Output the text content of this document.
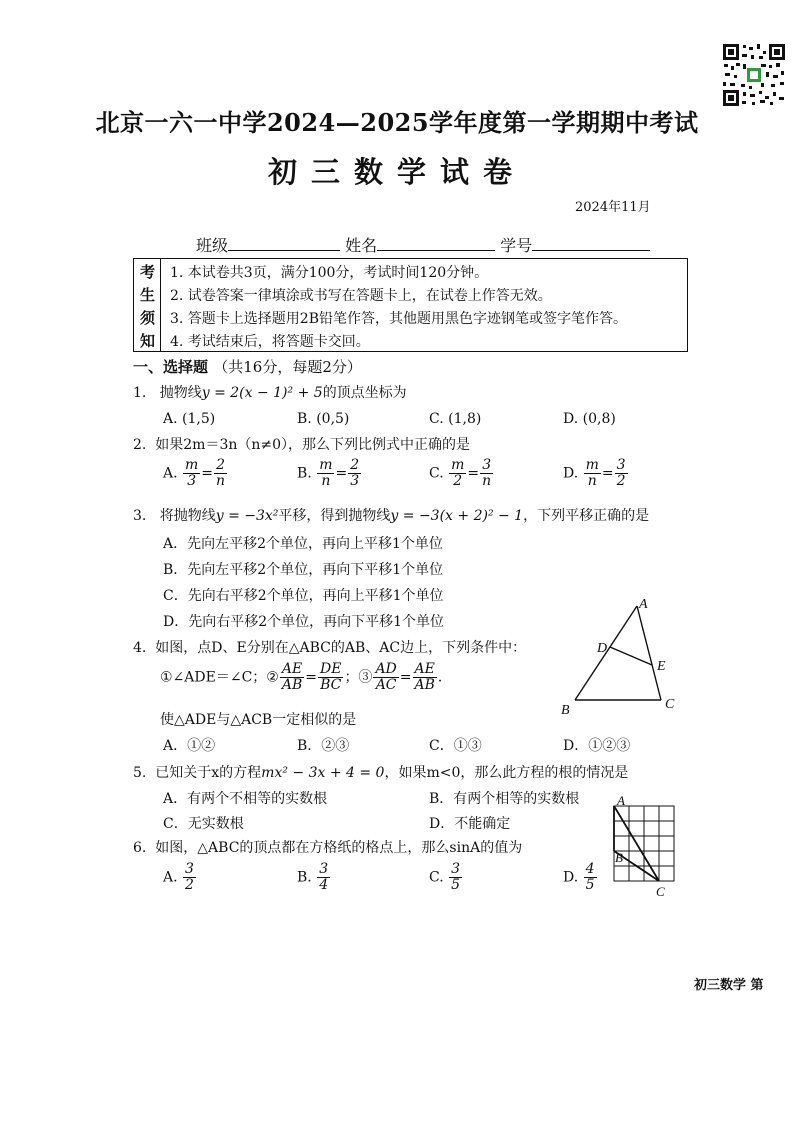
北京一六一中学2024—2025学年度第一学期期中考试
初三数学试卷
2024年11月
班级	姓名	学号
考
生
须
知
1. 本试卷共3页，满分100分，考试时间120分钟。
2. 试卷答案一律填涂或书写在答题卡上，在试卷上作答无效。
3. 答题卡上选择题用2B铅笔作答，其他题用黑色字迹钢笔或签字笔作答。
4. 考试结束后，将答题卡交回。
一、选择题 （共16分，每题2分）
1. 抛物线y = 2(x − 1)² + 5的顶点坐标为
A. (1,5)	B. (0,5)	C. (1,8)	D. (0,8)
2. 如果2m＝3n（n≠0），那么下列比例式中正确的是
A. $\frac{m}{3} = \frac{2}{n}$	B. $\frac{m}{n} = \frac{2}{3}$	C. $\frac{m}{2} = \frac{3}{n}$	D. $\frac{m}{n} = \frac{3}{2}$
3. 将抛物线y = −3x²平移，得到抛物线y = −3(x + 2)² − 1，下列平移正确的是
A．先向左平移2个单位，再向上平移1个单位
B．先向左平移2个单位，再向下平移1个单位
C．先向右平移2个单位，再向上平移1个单位
D．先向右平移2个单位，再向下平移1个单位
4. 如图，点D、E分别在△ABC的AB、AC边上，下列条件中：
①∠ADE＝∠C；② $\frac{AE}{AB} = \frac{DE}{BC}$ ；③ $\frac{AD}{AC} = \frac{AE}{AB}$ ．
使△ADE与△ACB一定相似的是
A．①②	B．②③	C．①③	D．①②③
A
D
E
B	C
5. 已知关于x的方程mx² − 3x + 4 = 0，如果m<0，那么此方程的根的情况是
A．有两个不相等的实数根	B．有两个相等的实数根
C．无实数根	D．不能确定
6. 如图，△ABC的顶点都在方格纸的格点上，那么sinA的值为
A. $\frac{3}{2}$	B. $\frac{3}{4}$	C. $\frac{3}{5}$	D. $\frac{4}{5}$
A
B
C
初三数学 第
